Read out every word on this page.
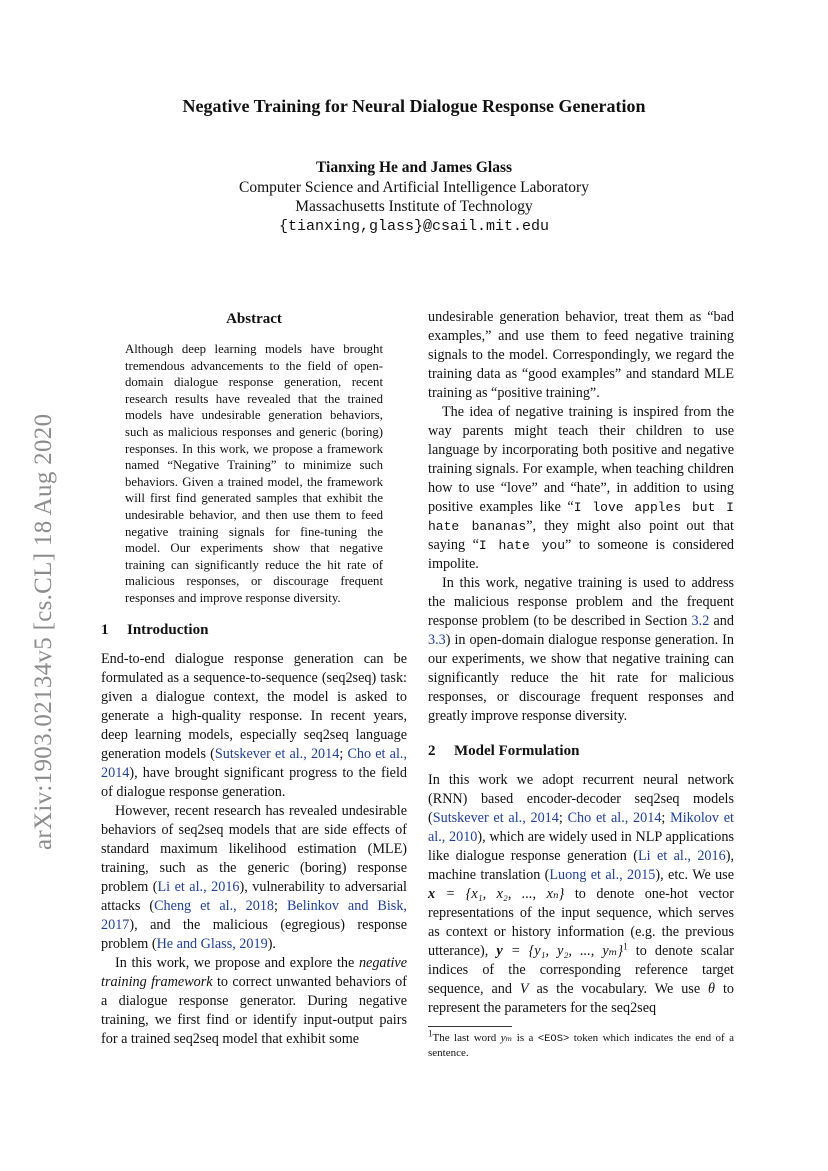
arXiv:1903.02134v5 [cs.CL] 18 Aug 2020
Negative Training for Neural Dialogue Response Generation
Tianxing He and James Glass
Computer Science and Artificial Intelligence Laboratory
Massachusetts Institute of Technology
{tianxing,glass}@csail.mit.edu
Abstract

Although deep learning models have brought tremendous advancements to the field of open-domain dialogue response generation, recent research results have revealed that the trained models have undesirable generation behaviors, such as malicious responses and generic (boring) responses. In this work, we propose a framework named “Negative Training” to minimize such behaviors. Given a trained model, the framework will first find generated samples that exhibit the undesirable behavior, and then use them to feed negative training signals for fine-tuning the model. Our experiments show that negative training can significantly reduce the hit rate of malicious responses, or discourage frequent responses and improve response diversity.

1 Introduction

End-to-end dialogue response generation can be formulated as a sequence-to-sequence (seq2seq) task: given a dialogue context, the model is asked to generate a high-quality response. In recent years, deep learning models, especially seq2seq language generation models (Sutskever et al., 2014; Cho et al., 2014), have brought significant progress to the field of dialogue response generation.

However, recent research has revealed undesirable behaviors of seq2seq models that are side effects of standard maximum likelihood estimation (MLE) training, such as the generic (boring) response problem (Li et al., 2016), vulnerability to adversarial attacks (Cheng et al., 2018; Belinkov and Bisk, 2017), and the malicious (egregious) response problem (He and Glass, 2019).

In this work, we propose and explore the negative training framework to correct unwanted behaviors of a dialogue response generator. During negative training, we first find or identify input-output pairs for a trained seq2seq model that exhibit some

undesirable generation behavior, treat them as “bad examples,” and use them to feed negative training signals to the model. Correspondingly, we regard the training data as “good examples” and standard MLE training as “positive training”.

The idea of negative training is inspired from the way parents might teach their children to use language by incorporating both positive and negative training signals. For example, when teaching children how to use “love” and “hate”, in addition to using positive examples like “I love apples but I hate bananas”, they might also point out that saying “I hate you” to someone is considered impolite.

In this work, negative training is used to address the malicious response problem and the frequent response problem (to be described in Section 3.2 and 3.3) in open-domain dialogue response generation. In our experiments, we show that negative training can significantly reduce the hit rate for malicious responses, or discourage frequent responses and greatly improve response diversity.

2 Model Formulation

In this work we adopt recurrent neural network (RNN) based encoder-decoder seq2seq models (Sutskever et al., 2014; Cho et al., 2014; Mikolov et al., 2010), which are widely used in NLP applications like dialogue response generation (Li et al., 2016), machine translation (Luong et al., 2015), etc. We use x = {x₁, x₂, ..., xₙ} to denote one-hot vector representations of the input sequence, which serves as context or history information (e.g. the previous utterance), y = {y₁, y₂, ..., yₘ}$^1$ to denote scalar indices of the corresponding reference target sequence, and V as the vocabulary. We use θ to represent the parameters for the seq2seq

$^1$The last word yₘ is a <EOS> token which indicates the end of a sentence.
